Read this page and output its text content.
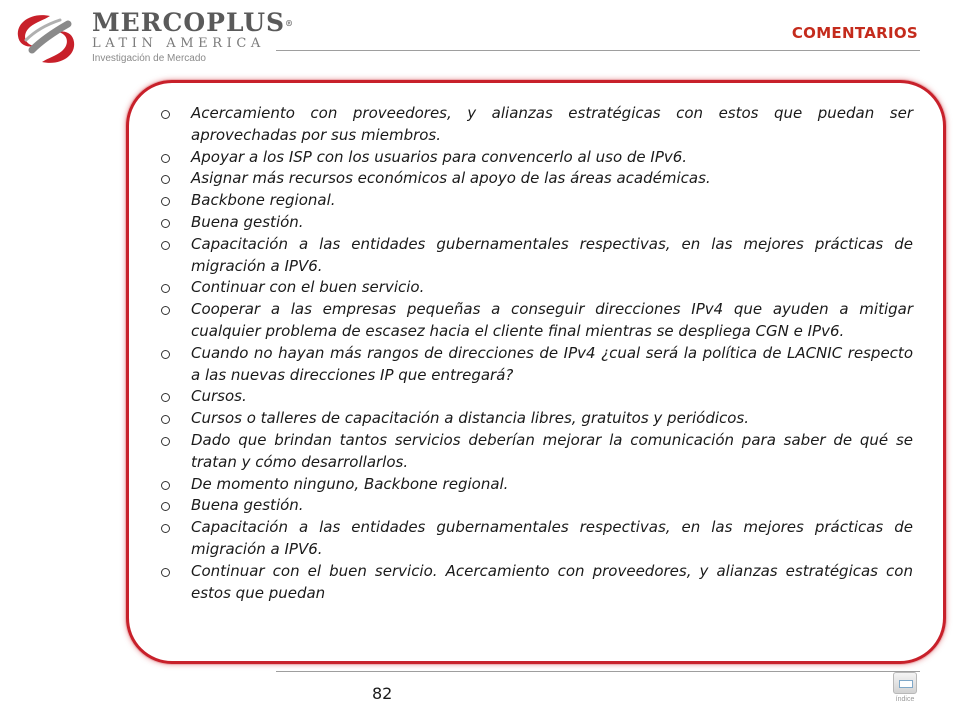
MERCOPLUS®
LATIN AMERICA
Investigación de Mercado
COMENTARIOS
Acercamiento con proveedores, y alianzas estratégicas con estos que puedan ser aprovechadas por sus miembros.
Apoyar a los ISP con los usuarios para convencerlo al uso de IPv6.
Asignar más recursos económicos al apoyo de las áreas académicas.
Backbone regional.
Buena gestión.
Capacitación a las entidades gubernamentales respectivas, en las mejores prácticas de migración a IPV6.
Continuar con el buen servicio.
Cooperar a las empresas pequeñas a conseguir direcciones IPv4 que ayuden a mitigar cualquier problema de escasez hacia el cliente final mientras se despliega CGN e IPv6.
Cuando no hayan más rangos de direcciones de IPv4 ¿cual será la política de LACNIC respecto a las nuevas direcciones IP que entregará?
Cursos.
Cursos o talleres de capacitación a distancia libres, gratuitos y periódicos.
Dado que brindan tantos servicios deberían mejorar la comunicación para saber de qué se tratan y cómo desarrollarlos.
De momento ninguno, Backbone regional.
Buena gestión.
Capacitación a las entidades gubernamentales respectivas, en las mejores prácticas de migración a IPV6.
Continuar con el buen servicio. Acercamiento con proveedores, y alianzas estratégicas con estos que puedan
82	índice
